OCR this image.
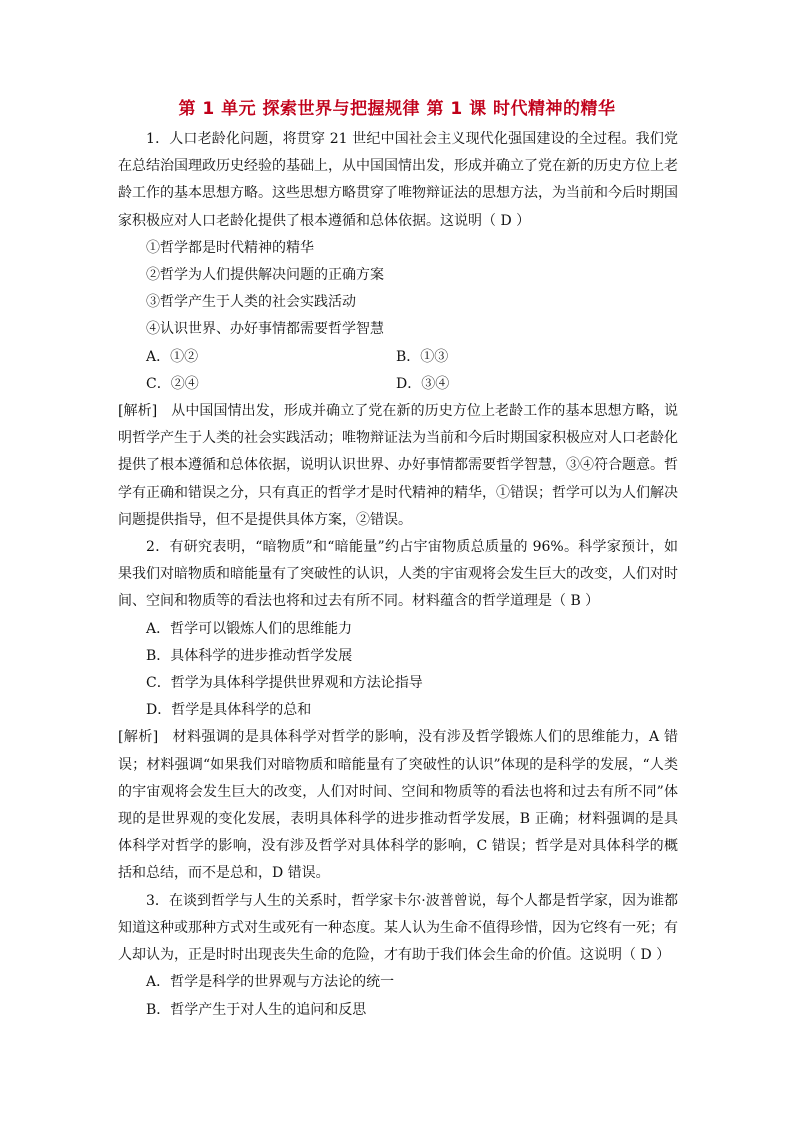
第 1 单元 探索世界与把握规律 第 1 课 时代精神的精华

1．人口老龄化问题，将贯穿 21 世纪中国社会主义现代化强国建设的全过程。我们党在总结治国理政历史经验的基础上，从中国国情出发，形成并确立了党在新的历史方位上老龄工作的基本思想方略。这些思想方略贯穿了唯物辩证法的思想方法，为当前和今后时期国家积极应对人口老龄化提供了根本遵循和总体依据。这说明（ D ）

①哲学都是时代精神的精华

②哲学为人们提供解决问题的正确方案

③哲学产生于人类的社会实践活动

④认识世界、办好事情都需要哲学智慧

A．①②	B．①③
C．②④	D．③④

[解析] 从中国国情出发，形成并确立了党在新的历史方位上老龄工作的基本思想方略，说明哲学产生于人类的社会实践活动；唯物辩证法为当前和今后时期国家积极应对人口老龄化提供了根本遵循和总体依据，说明认识世界、办好事情都需要哲学智慧，③④符合题意。哲学有正确和错误之分，只有真正的哲学才是时代精神的精华，①错误；哲学可以为人们解决问题提供指导，但不是提供具体方案，②错误。

2．有研究表明，“暗物质”和“暗能量”约占宇宙物质总质量的 96%。科学家预计，如果我们对暗物质和暗能量有了突破性的认识，人类的宇宙观将会发生巨大的改变，人们对时间、空间和物质等的看法也将和过去有所不同。材料蕴含的哲学道理是（ B ）

A．哲学可以锻炼人们的思维能力

B．具体科学的进步推动哲学发展

C．哲学为具体科学提供世界观和方法论指导

D．哲学是具体科学的总和

[解析] 材料强调的是具体科学对哲学的影响，没有涉及哲学锻炼人们的思维能力，A 错误；材料强调“如果我们对暗物质和暗能量有了突破性的认识”体现的是科学的发展，“人类的宇宙观将会发生巨大的改变，人们对时间、空间和物质等的看法也将和过去有所不同”体现的是世界观的变化发展，表明具体科学的进步推动哲学发展，B 正确；材料强调的是具体科学对哲学的影响，没有涉及哲学对具体科学的影响，C 错误；哲学是对具体科学的概括和总结，而不是总和，D 错误。

3．在谈到哲学与人生的关系时，哲学家卡尔·波普曾说，每个人都是哲学家，因为谁都知道这种或那种方式对生或死有一种态度。某人认为生命不值得珍惜，因为它终有一死；有人却认为，正是时时出现丧失生命的危险，才有助于我们体会生命的价值。这说明（ D ）

A．哲学是科学的世界观与方法论的统一

B．哲学产生于对人生的追问和反思
